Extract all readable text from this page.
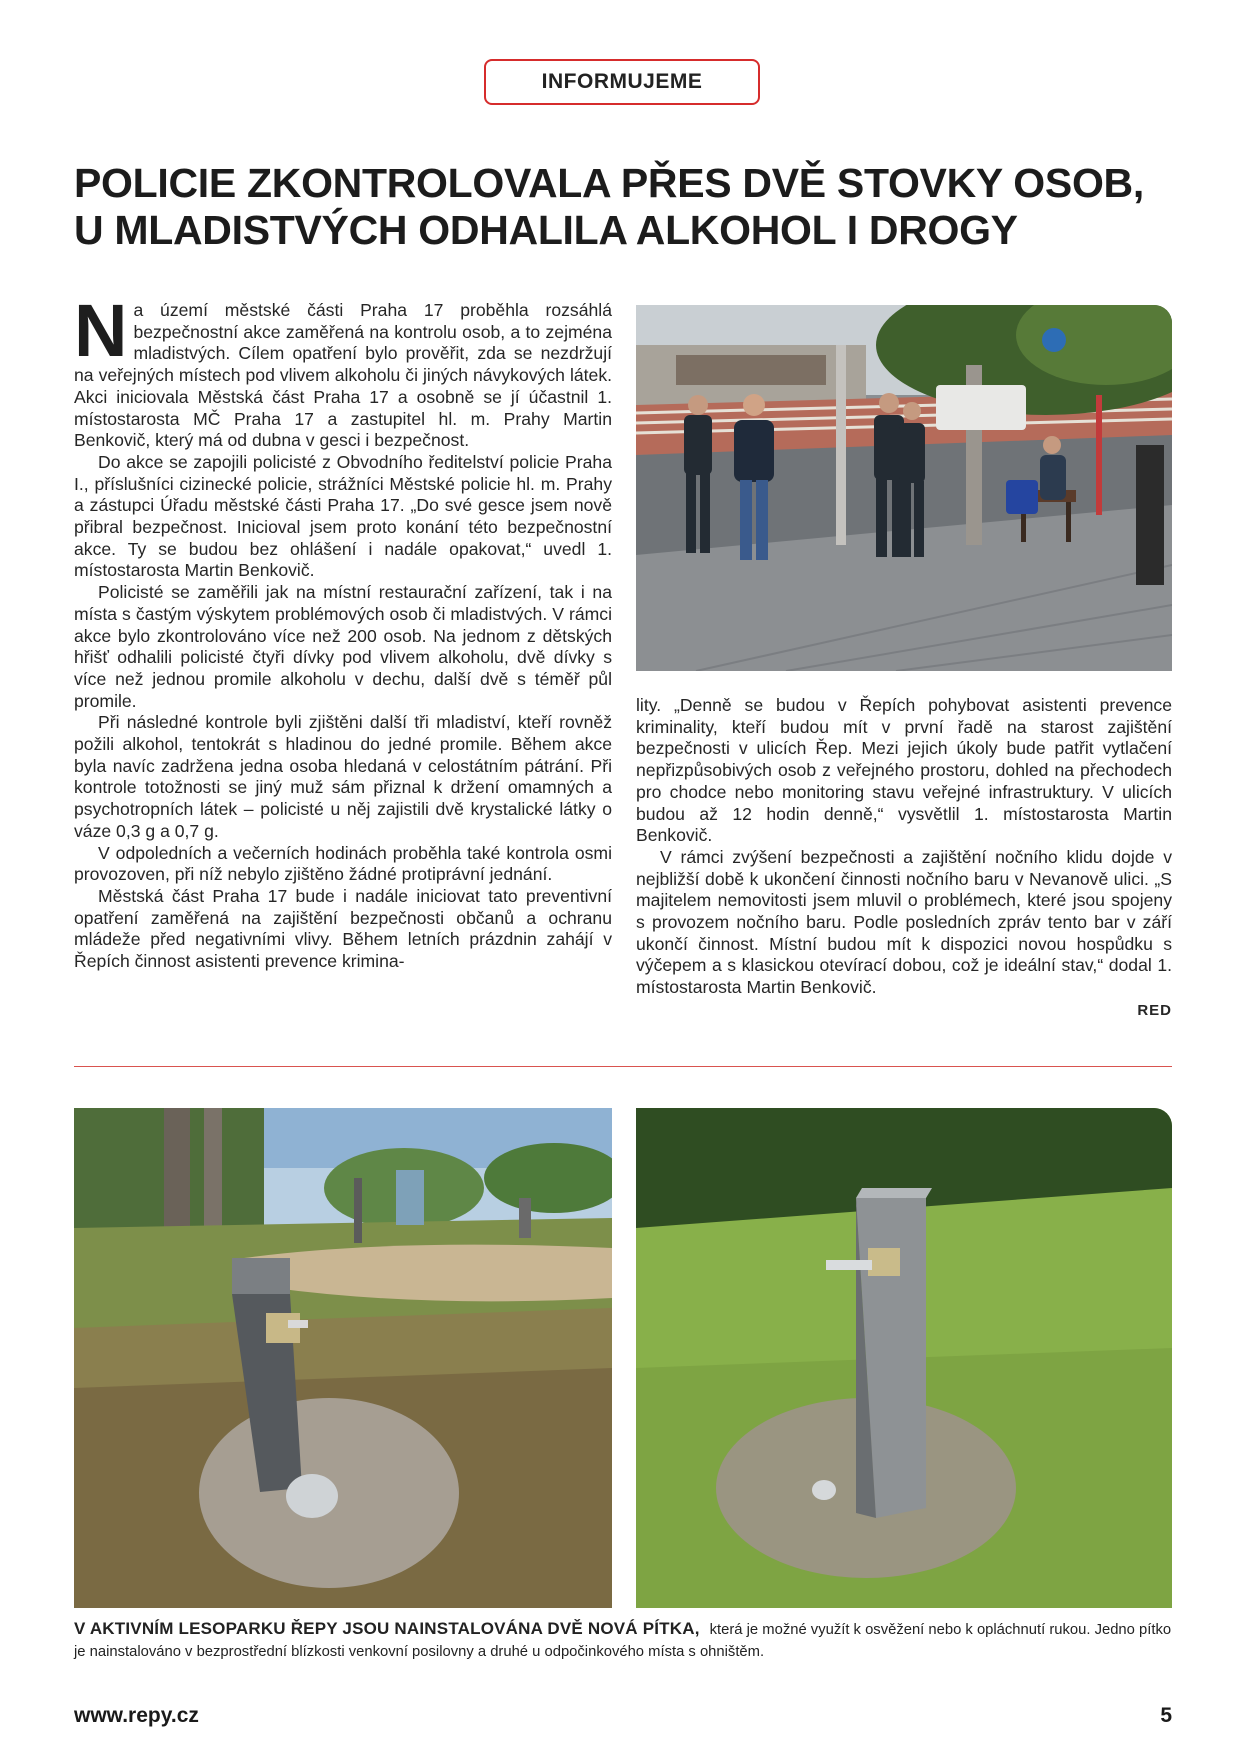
INFORMUJEME
POLICIE ZKONTROLOVALA PŘES DVĚ STOVKY OSOB,
U MLADISTVÝCH ODHALILA ALKOHOL I DROGY

Na území městské části Praha 17 proběhla rozsáhlá bezpečnostní akce zaměřená na kontrolu osob, a to zejména mladistvých. Cílem opatření bylo prověřit, zda se nezdržují na veřejných místech pod vlivem alkoholu či jiných návykových látek. Akci iniciovala Městská část Praha 17 a osobně se jí účastnil 1. místostarosta MČ Praha 17 a zastupitel hl. m. Prahy Martin Benkovič, který má od dubna v gesci i bezpečnost.

Do akce se zapojili policisté z Obvodního ředitelství policie Praha I., příslušníci cizinecké policie, strážníci Městské policie hl. m. Prahy a zástupci Úřadu městské části Praha 17. „Do své gesce jsem nově přibral bezpečnost. Inicioval jsem proto konání této bezpečnostní akce. Ty se budou bez ohlášení i nadále opakovat,“ uvedl 1. místostarosta Martin Benkovič.

Policisté se zaměřili jak na místní restaurační zařízení, tak i na místa s častým výskytem problémových osob či mladistvých. V rámci akce bylo zkontrolováno více než 200 osob. Na jednom z dětských hřišť odhalili policisté čtyři dívky pod vlivem alkoholu, dvě dívky s více než jednou promile alkoholu v dechu, další dvě s téměř půl promile.

Při následné kontrole byli zjištěni další tři mladiství, kteří rovněž požili alkohol, tentokrát s hladinou do jedné promile. Během akce byla navíc zadržena jedna osoba hledaná v celostátním pátrání. Při kontrole totožnosti se jiný muž sám přiznal k držení omamných a psychotropních látek – policisté u něj zajistili dvě krystalické látky o váze 0,3 g a 0,7 g.

V odpoledních a večerních hodinách proběhla také kontrola osmi provozoven, při níž nebylo zjištěno žádné protiprávní jednání.

Městská část Praha 17 bude i nadále iniciovat tato preventivní opatření zaměřená na zajištění bezpečnosti občanů a ochranu mládeže před negativními vlivy. Během letních prázdnin zahájí v Řepích činnost asistenti prevence krimina-

lity. „Denně se budou v Řepích pohybovat asistenti prevence kriminality, kteří budou mít v první řadě na starost zajištění bezpečnosti v ulicích Řep. Mezi jejich úkoly bude patřit vytlačení nepřizpůsobivých osob z veřejného prostoru, dohled na přechodech pro chodce nebo monitoring stavu veřejné infrastruktury. V ulicích budou až 12 hodin denně,“ vysvětlil 1. místostarosta Martin Benkovič.

V rámci zvýšení bezpečnosti a zajištění nočního klidu dojde v nejbližší době k ukončení činnosti nočního baru v Nevanově ulici. „S majitelem nemovitosti jsem mluvil o problémech, které jsou spojeny s provozem nočního baru. Podle posledních zpráv tento bar v září ukončí činnost. Místní budou mít k dispozici novou hospůdku s výčepem a s klasickou otevírací dobou, což je ideální stav,“ dodal 1. místostarosta Martin Benkovič.

RED

V AKTIVNÍM LESOPARKU ŘEPY JSOU NAINSTALOVÁNA DVĚ NOVÁ PÍTKA, která je možné využít k osvěžení nebo k opláchnutí rukou. Jedno pítko je nainstalováno v bezprostřední blízkosti venkovní posilovny a druhé u odpočinkového místa s ohništěm.

www.repy.cz	5
